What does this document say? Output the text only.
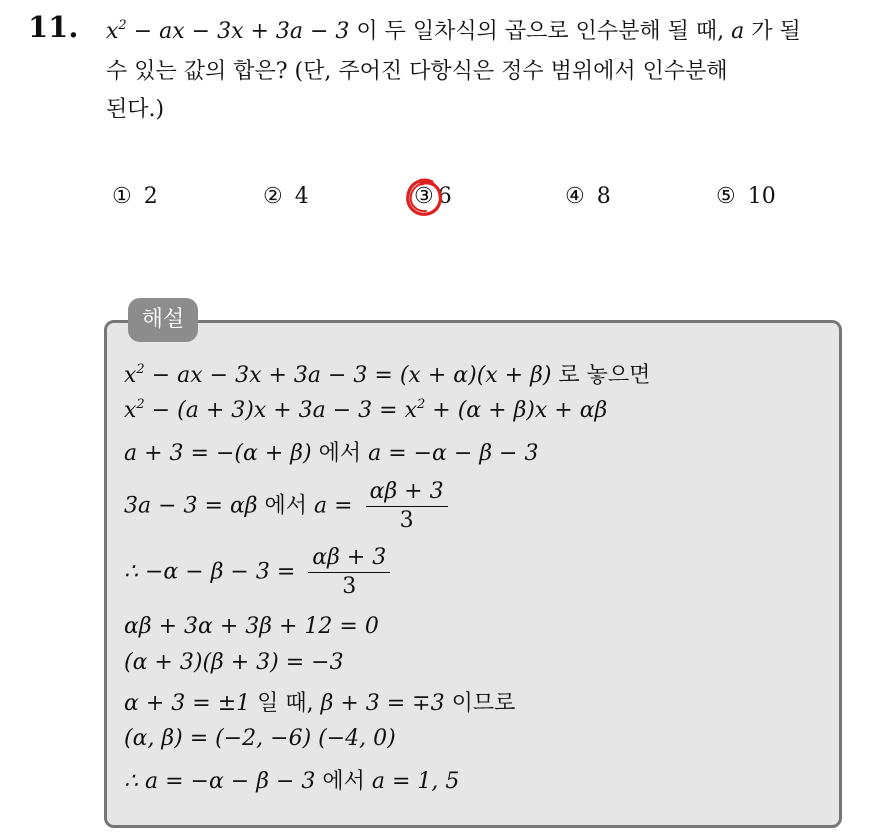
11. $x^2$ − ax − 3x + 3a − 3 이 두 일차식의 곱으로 인수분해 될 때, a 가 될
수 있는 값의 합은? (단, 주어진 다항식은 정수 범위에서 인수분해
된다.)
① 2	② 4	③ 6	④ 8	⑤ 10
해설
$x^2$ − ax − 3x + 3a − 3 = (x + α)(x + β) 로 놓으면
$x^2 - (a + 3)x + 3a - 3 = x^2 + (\alpha + \beta)x + \alpha\beta$
a + 3 = −(α + β) 에서 a = −α − β − 3
3a − 3 = αβ 에서 $a = \frac{\alpha\beta + 3}{3}$
∴ $-\alpha - \beta - 3 = \frac{\alpha\beta + 3}{3}$
αβ + 3α + 3β + 12 = 0
(α + 3)(β + 3) = −3
α + 3 = ±1 일 때, β + 3 = ∓3 이므로
(α, β) = (−2, −6) (−4, 0)
∴ a = −α − β − 3 에서 a = 1, 5
